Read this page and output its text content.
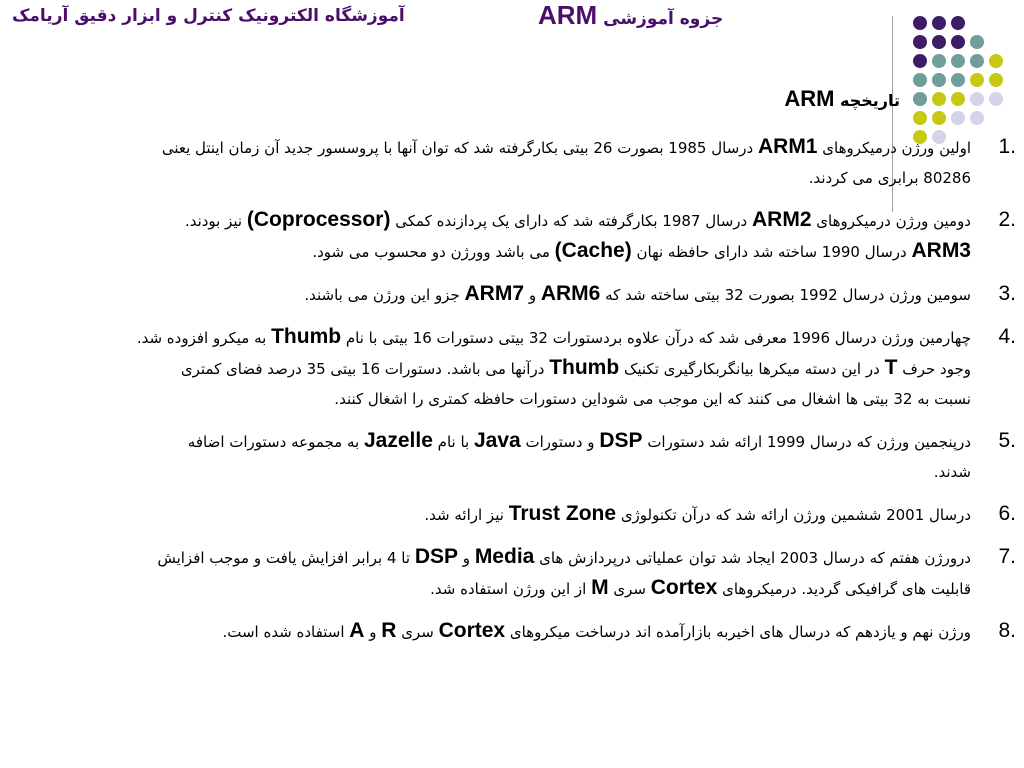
آموزشگاه الکترونیک کنترل و ابزار دقیق آریامک	جزوه آموزشی ARM
تاریخچه ARM
1.
اولین ورژن درمیکروهای ARM1 درسال 1985 بصورت 26 بیتی بکارگرفته شد که توان آنها با پروسسور جدید آن زمان اینتل یعنی
80286 برابری می کردند.
2.
دومین ورژن درمیکروهای ARM2 درسال 1987 بکارگرفته شد که دارای یک پردازنده کمکی (Coprocessor) نیز بودند.
ARM3 درسال 1990 ساخته شد دارای حافظه نهان (Cache) می باشد وورژن دو محسوب می شود.
3.
سومین ورژن درسال 1992 بصورت 32 بیتی ساخته شد که ARM6 و ARM7 جزو این ورژن می باشند.
4.
چهارمین ورژن درسال 1996 معرفی شد که درآن علاوه بردستورات 32 بیتی دستورات 16 بیتی با نام Thumb به میکرو افزوده شد.
وجود حرف T در این دسته میکرها بیانگربکارگیری تکنیک Thumb درآنها می باشد. دستورات 16 بیتی 35 درصد فضای کمتری
نسبت به 32 بیتی ها اشغال می کنند که این موجب می شوداین دستورات حافظه کمتری را اشغال کنند.
5.
درپنجمین ورژن که درسال 1999 ارائه شد دستورات DSP و دستورات Java با نام Jazelle به مجموعه دستورات اضافه
شدند.
6.
درسال 2001 ششمین ورژن ارائه شد که درآن تکنولوژی Trust Zone نیز ارائه شد.
7.
درورژن هفتم که درسال 2003 ایجاد شد توان عملیاتی درپردازش های Media و DSP تا 4 برابر افزایش یافت و موجب افزایش
قابلیت های گرافیکی گردید. درمیکروهای Cortex سری M از این ورژن استفاده شد.
8.
ورژن نهم و یازدهم که درسال های اخیربه بازارآمده اند درساخت میکروهای Cortex سری R و A استفاده شده است.
